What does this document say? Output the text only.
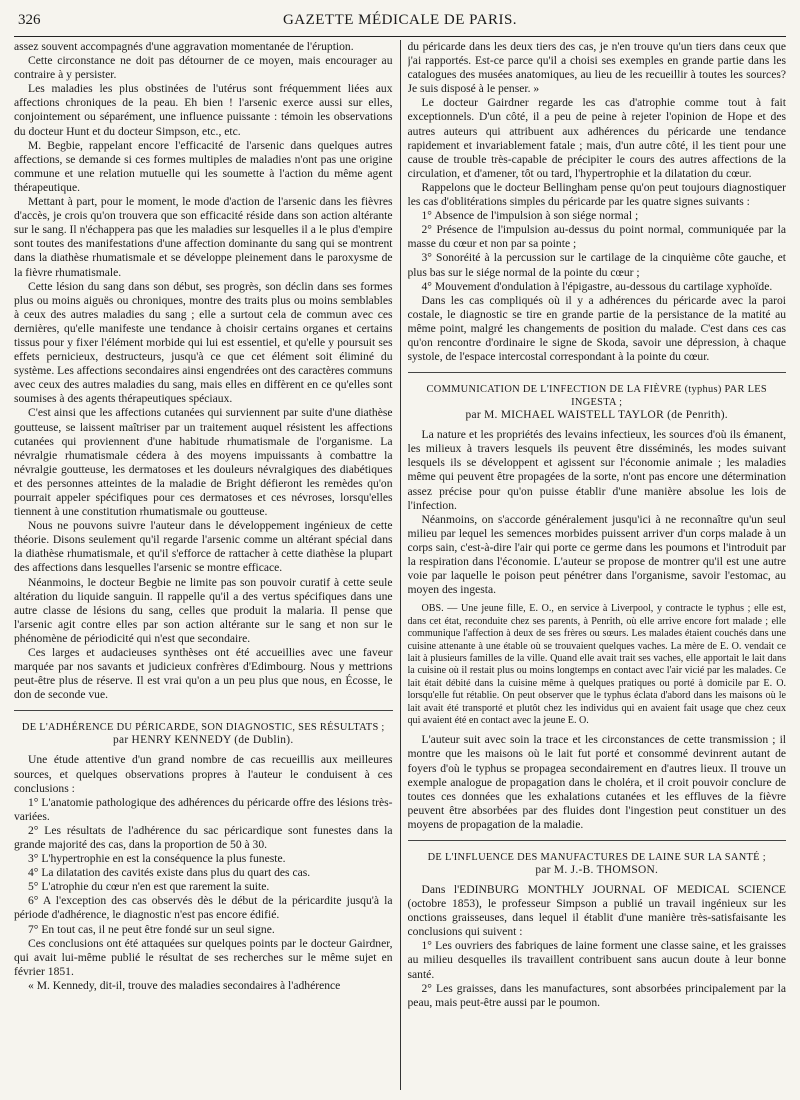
326	GAZETTE MÉDICALE DE PARIS.

assez souvent accompagnés d'une aggravation momentanée de l'éruption.

Cette circonstance ne doit pas détourner de ce moyen, mais encourager au contraire à y persister.

Les maladies les plus obstinées de l'utérus sont fréquemment liées aux affections chroniques de la peau. Eh bien ! l'arsenic exerce aussi sur elles, conjointement ou séparément, une influence puissante : témoin les observations du docteur Hunt et du docteur Simpson, etc., etc.

M. Begbie, rappelant encore l'efficacité de l'arsenic dans quelques autres affections, se demande si ces formes multiples de maladies n'ont pas une origine commune et une relation mutuelle qui les soumette à l'action du même agent thérapeutique.

Mettant à part, pour le moment, le mode d'action de l'arsenic dans les fièvres d'accès, je crois qu'on trouvera que son efficacité réside dans son action altérante sur le sang. Il n'échappera pas que les maladies sur lesquelles il a le plus d'empire sont toutes des manifestations d'une affection dominante du sang qui se montrent dans la diathèse rhumatismale et se développe pleinement dans le paroxysme de la fièvre rhumatismale.

Cette lésion du sang dans son début, ses progrès, son déclin dans ses formes plus ou moins aiguës ou chroniques, montre des traits plus ou moins semblables à ceux des autres maladies du sang ; elle a surtout cela de commun avec ces dernières, qu'elle manifeste une tendance à choisir certains organes et certains tissus pour y fixer l'élément morbide qui lui est essentiel, et qu'elle y poursuit ses effets pernicieux, destructeurs, jusqu'à ce que cet élément soit éliminé du système. Les affections secondaires ainsi engendrées ont des caractères communs avec ceux des autres maladies du sang, mais elles en diffèrent en ce qu'elles sont soumises à des agents thérapeutiques spéciaux.

C'est ainsi que les affections cutanées qui surviennent par suite d'une diathèse goutteuse, se laissent maîtriser par un traitement auquel résistent les affections cutanées qui proviennent d'une habitude rhumatismale de l'organisme. La névralgie rhumatismale cédera à des moyens impuissants à combattre la névralgie goutteuse, les dermatoses et les douleurs névralgiques des diabétiques et des personnes atteintes de la maladie de Bright défieront les remèdes qu'on pourrait appeler spécifiques pour ces dermatoses et ces névroses, lorsqu'elles tiennent à une constitution rhumatismale ou goutteuse.

Nous ne pouvons suivre l'auteur dans le développement ingénieux de cette théorie. Disons seulement qu'il regarde l'arsenic comme un altérant spécial dans la diathèse rhumatismale, et qu'il s'efforce de rattacher à cette diathèse la plupart des affections dans lesquelles l'arsenic se montre efficace.

Néanmoins, le docteur Begbie ne limite pas son pouvoir curatif à cette seule altération du liquide sanguin. Il rappelle qu'il a des vertus spécifiques dans une autre classe de lésions du sang, celles que produit la malaria. Il pense que l'arsenic agit contre elles par son action altérante sur le sang et non sur le phénomène de périodicité qui n'est que secondaire.

Ces larges et audacieuses synthèses ont été accueillies avec une faveur marquée par nos savants et judicieux confrères d'Edimbourg. Nous y mettrions peut-être plus de réserve. Il est vrai qu'on a un peu plus que nous, en Écosse, le don de seconde vue.

DE L'ADHÉRENCE DU PÉRICARDE, SON DIAGNOSTIC, SES RÉSULTATS ;
par HENRY KENNEDY (de Dublin).

Une étude attentive d'un grand nombre de cas recueillis aux meilleures sources, et quelques observations propres à l'auteur le conduisent à ces conclusions :

1° L'anatomie pathologique des adhérences du péricarde offre des lésions très-variées.

2° Les résultats de l'adhérence du sac péricardique sont funestes dans la grande majorité des cas, dans la proportion de 50 à 30.

3° L'hypertrophie en est la conséquence la plus funeste.

4° La dilatation des cavités existe dans plus du quart des cas.

5° L'atrophie du cœur n'en est que rarement la suite.

6° A l'exception des cas observés dès le début de la péricardite jusqu'à la période d'adhérence, le diagnostic n'est pas encore édifié.

7° En tout cas, il ne peut être fondé sur un seul signe.

Ces conclusions ont été attaquées sur quelques points par le docteur Gairdner, qui avait lui-même publié le résultat de ses recherches sur le même sujet en février 1851.

« M. Kennedy, dit-il, trouve des maladies secondaires à l'adhérence

du péricarde dans les deux tiers des cas, je n'en trouve qu'un tiers dans ceux que j'ai rapportés. Est-ce parce qu'il a choisi ses exemples en grande partie dans les catalogues des musées anatomiques, au lieu de les recueillir à toutes les sources? Je suis disposé à le penser. »

Le docteur Gairdner regarde les cas d'atrophie comme tout à fait exceptionnels. D'un côté, il a peu de peine à rejeter l'opinion de Hope et des autres auteurs qui attribuent aux adhérences du péricarde une tendance rapidement et invariablement fatale ; mais, d'un autre côté, il les tient pour une cause de trouble très-capable de précipiter le cours des autres affections de la circulation, et d'amener, tôt ou tard, l'hypertrophie et la dilatation du cœur.

Rappelons que le docteur Bellingham pense qu'on peut toujours diagnostiquer les cas d'oblitérations simples du péricarde par les quatre signes suivants :

1° Absence de l'impulsion à son siége normal ;

2° Présence de l'impulsion au-dessus du point normal, communiquée par la masse du cœur et non par sa pointe ;

3° Sonoréité à la percussion sur le cartilage de la cinquième côte gauche, et plus bas sur le siége normal de la pointe du cœur ;

4° Mouvement d'ondulation à l'épigastre, au-dessous du cartilage xyphoïde.

Dans les cas compliqués où il y a adhérences du péricarde avec la paroi costale, le diagnostic se tire en grande partie de la persistance de la matité au même point, malgré les changements de position du malade. C'est dans ces cas qu'on rencontre d'ordinaire le signe de Skoda, savoir une dépression, à chaque systole, de l'espace intercostal correspondant à la pointe du cœur.

COMMUNICATION DE L'INFECTION DE LA FIÈVRE (typhus) PAR LES INGESTA ;
par M. MICHAEL WAISTELL TAYLOR (de Penrith).

La nature et les propriétés des levains infectieux, les sources d'où ils émanent, les milieux à travers lesquels ils peuvent être disséminés, les modes suivant lesquels ils se développent et agissent sur l'économie animale ; les maladies même qui peuvent être propagées de la sorte, n'ont pas encore une détermination assez précise pour qu'on puisse établir d'une manière absolue les lois de l'infection.

Néanmoins, on s'accorde généralement jusqu'ici à ne reconnaître qu'un seul milieu par lequel les semences morbides puissent arriver d'un corps malade à un corps sain, c'est-à-dire l'air qui porte ce germe dans les poumons et l'introduit par la respiration dans l'économie. L'auteur se propose de montrer qu'il est une autre voie par laquelle le poison peut pénétrer dans l'organisme, savoir l'estomac, au moyen des ingesta.

OBS. — Une jeune fille, E. O., en service à Liverpool, y contracte le typhus ; elle est, dans cet état, reconduite chez ses parents, à Penrith, où elle arrive encore fort malade ; elle communique l'affection à deux de ses frères ou sœurs. Les malades étaient couchés dans une cuisine attenante à une étable où se trouvaient quelques vaches. La mère de E. O. vendait ce lait à plusieurs familles de la ville. Quand elle avait trait ses vaches, elle apportait le lait dans la cuisine où il restait plus ou moins longtemps en contact avec l'air vicié par les malades. Ce lait était débité dans la cuisine même à quelques pratiques ou porté à domicile par E. O. lorsqu'elle fut rétablie. On peut observer que le typhus éclata d'abord dans les maisons où le lait avait été transporté et plutôt chez les individus qui en avaient fait usage que chez ceux qui avaient été en contact avec la jeune E. O.

L'auteur suit avec soin la trace et les circonstances de cette transmission ; il montre que les maisons où le lait fut porté et consommé devinrent autant de foyers d'où le typhus se propagea secondairement en d'autres lieux. Il trouve un exemple analogue de propagation dans le choléra, et il croit pouvoir conclure de toutes ces données que les exhalations cutanées et les effluves de la fièvre peuvent être absorbées par des fluides dont l'ingestion peut constituer un des moyens de propagation de la maladie.

DE L'INFLUENCE DES MANUFACTURES DE LAINE SUR LA SANTÉ ;
par M. J.-B. THOMSON.

Dans l'EDINBURG MONTHLY JOURNAL OF MEDICAL SCIENCE (octobre 1853), le professeur Simpson a publié un travail ingénieux sur les onctions graisseuses, dans lequel il établit d'une manière très-satisfaisante les conclusions qui suivent :

1° Les ouvriers des fabriques de laine forment une classe saine, et les graisses au milieu desquelles ils travaillent contribuent sans aucun doute à leur bonne santé.

2° Les graisses, dans les manufactures, sont absorbées principalement par la peau, mais peut-être aussi par le poumon.
